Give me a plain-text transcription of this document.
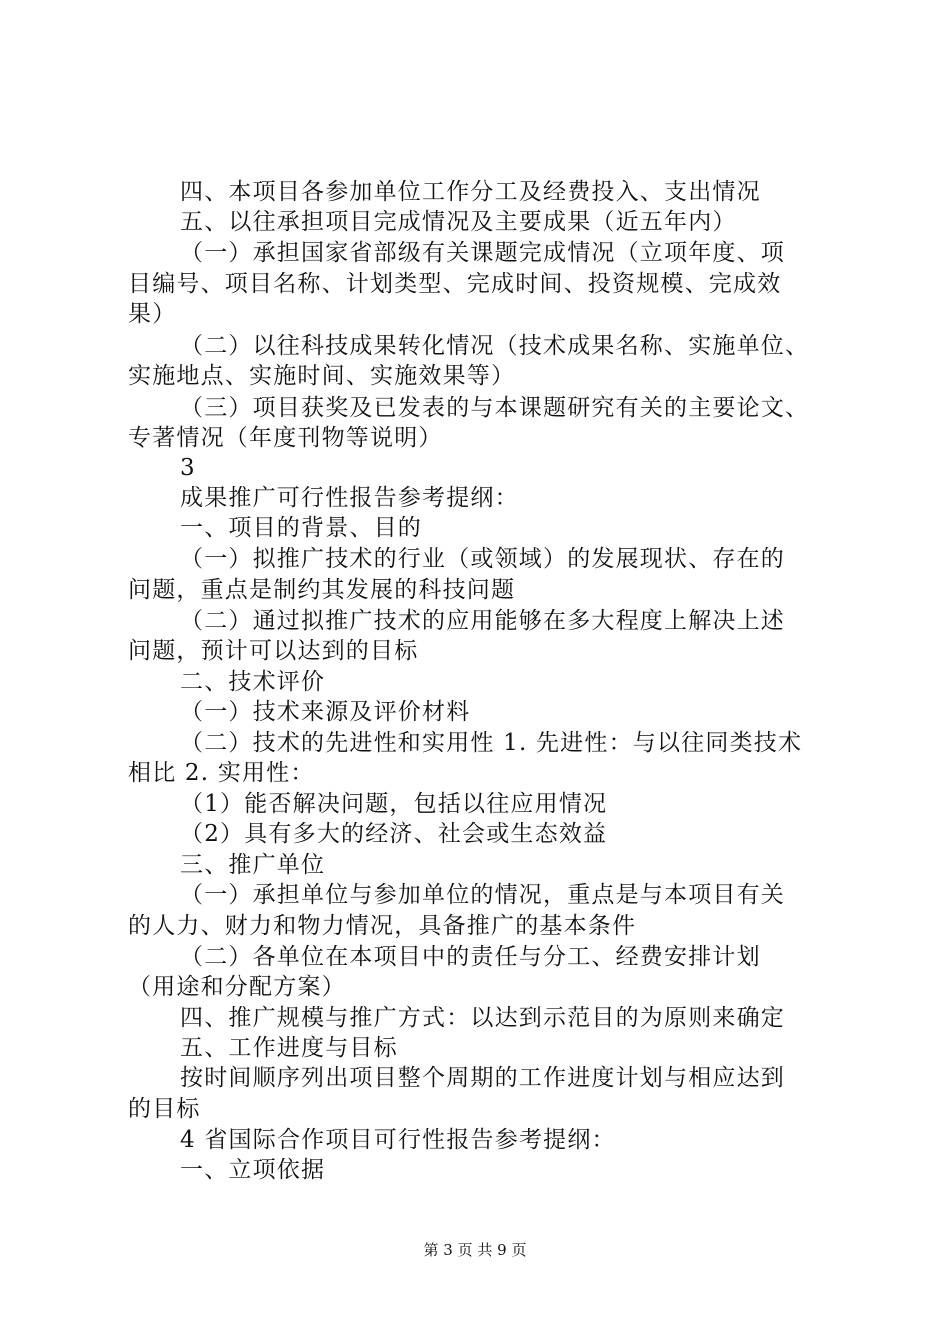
四、本项目各参加单位工作分工及经费投入、支出情况
五、以往承担项目完成情况及主要成果（近五年内）
（一）承担国家省部级有关课题完成情况（立项年度、项
目编号、项目名称、计划类型、完成时间、投资规模、完成效
果）
（二）以往科技成果转化情况（技术成果名称、实施单位、
实施地点、实施时间、实施效果等）
（三）项目获奖及已发表的与本课题研究有关的主要论文、
专著情况（年度刊物等说明）
3
成果推广可行性报告参考提纲：
一、项目的背景、目的
（一）拟推广技术的行业（或领域）的发展现状、存在的
问题，重点是制约其发展的科技问题
（二）通过拟推广技术的应用能够在多大程度上解决上述
问题，预计可以达到的目标
二、技术评价
（一）技术来源及评价材料
（二）技术的先进性和实用性 1. 先进性：与以往同类技术
相比 2. 实用性：
（1）能否解决问题，包括以往应用情况
（2）具有多大的经济、社会或生态效益
三、推广单位
（一）承担单位与参加单位的情况，重点是与本项目有关
的人力、财力和物力情况，具备推广的基本条件
（二）各单位在本项目中的责任与分工、经费安排计划
（用途和分配方案）
四、推广规模与推广方式：以达到示范目的为原则来确定
五、工作进度与目标
按时间顺序列出项目整个周期的工作进度计划与相应达到
的目标
4 省国际合作项目可行性报告参考提纲：
一、立项依据
第 3 页 共 9 页
